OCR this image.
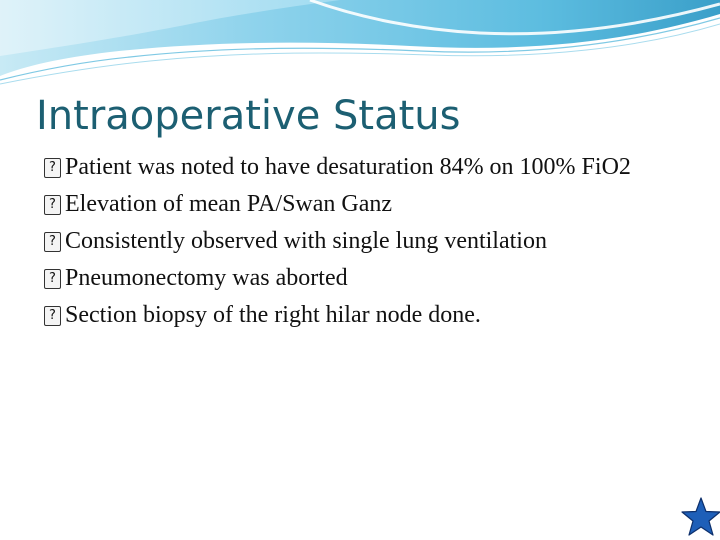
Intraoperative Status
? Patient was noted to have desaturation 84% on 100% FiO2
? Elevation of mean PA/Swan Ganz
? Consistently observed with single lung ventilation
? Pneumonectomy was aborted
? Section biopsy of the right hilar node done.
